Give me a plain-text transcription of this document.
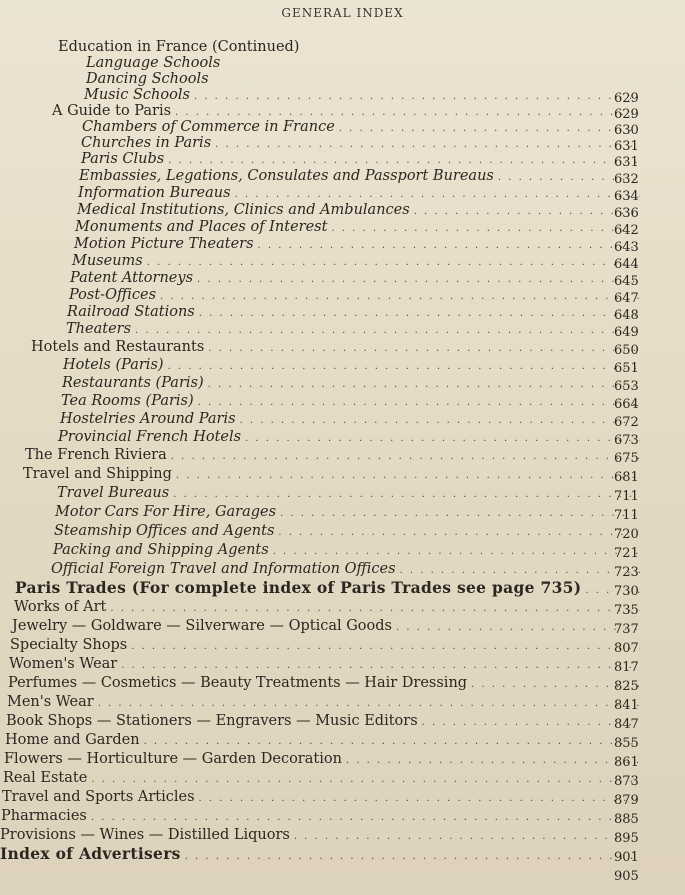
GENERAL INDEX
Education in France (Continued)
Language Schools
Dancing Schools
Music Schools . . .	629
A Guide to Paris . . .	629
Chambers of Commerce in France . . .	630
Churches in Paris . . .	631
Paris Clubs . . .	631
Embassies, Legations, Consulates and Passport Bureaus . . .	632
Information Bureaus . . .	634
Medical Institutions, Clinics and Ambulances . . .	636
Monuments and Places of Interest . . .	642
Motion Picture Theaters . . .	643
Museums . . .	644
Patent Attorneys . . .	645
Post-Offices . . .	647
Railroad Stations . . .	648
Theaters . . .	649
Hotels and Restaurants . . .	650
Hotels (Paris) . . .	651
Restaurants (Paris) . . .	653
Tea Rooms (Paris) . . .	664
Hostelries Around Paris . . .	672
Provincial French Hotels . . .	673
The French Riviera . . .	675
Travel and Shipping . . .	681
Travel Bureaus . . .	711
Motor Cars For Hire, Garages . . .	711
Steamship Offices and Agents . . .	720
Packing and Shipping Agents . . .	721
Official Foreign Travel and Information Offices . . .	723
Paris Trades (For complete index of Paris Trades see page 735) . . .	730
Works of Art . . .	735
Jewelry — Goldware — Silverware — Optical Goods . . .	737
Specialty Shops . . .	807
Women's Wear . . .	817
Perfumes — Cosmetics — Beauty Treatments — Hair Dressing . . .	825
Men's Wear . . .	841
Book Shops — Stationers — Engravers — Music Editors . . .	847
Home and Garden . . .	855
Flowers — Horticulture — Garden Decoration . . .	861
Real Estate . . .	873
Travel and Sports Articles . . .	879
Pharmacies . . .	885
Provisions — Wines — Distilled Liquors . . .	895
Index of Advertisers . . .	901
905
